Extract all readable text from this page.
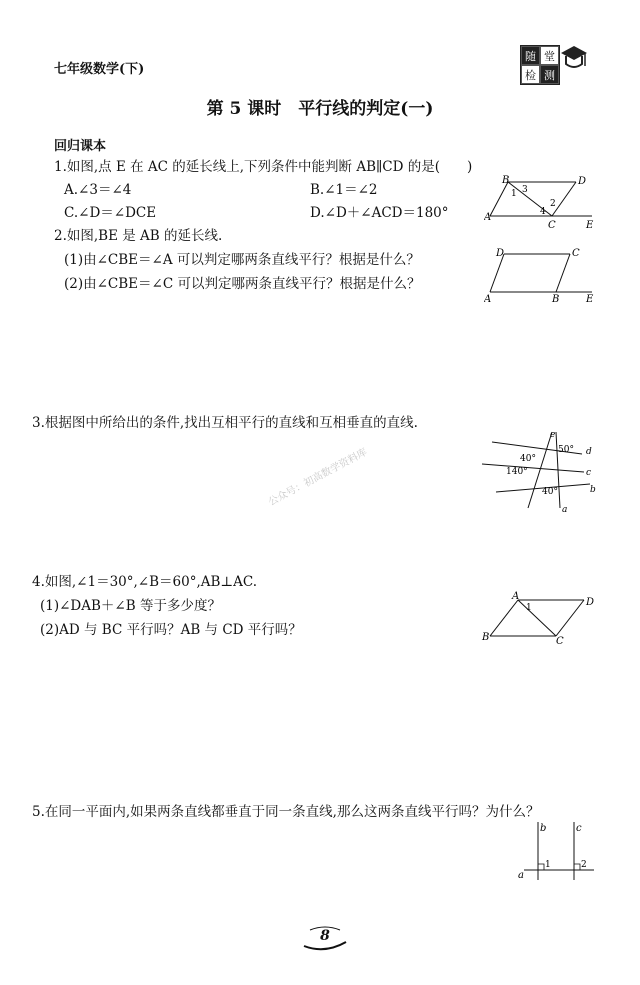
七年级数学(下)
随 堂
检 测
第 5 课时　平行线的判定(一)
回归课本
1.如图,点 E 在 AC 的延长线上,下列条件中能判断 AB∥CD 的是(　　)
A.∠3＝∠4	B.∠1＝∠2
C.∠D＝∠DCE	D.∠D＋∠ACD＝180°
B	D
3
1
2
4
A
C	E
2.如图,BE 是 AB 的延长线.
(1)由∠CBE＝∠A 可以判定哪两条直线平行？根据是什么？
(2)由∠CBE＝∠C 可以判定哪两条直线平行？根据是什么？
D	C
A	B	E
3.根据图中所给出的条件,找出互相平行的直线和互相垂直的直线.
e
d
40°
50°
140°	c
40°	b
a
公众号：初高数学资料库
4.如图,∠1＝30°,∠B＝60°,AB⊥AC.
(1)∠DAB＋∠B 等于多少度？
(2)AD 与 BC 平行吗？AB 与 CD 平行吗？
A
1	D
B	C
5.在同一平面内,如果两条直线都垂直于同一条直线,那么这两条直线平行吗？为什么？
b	c
1	2
a
8
